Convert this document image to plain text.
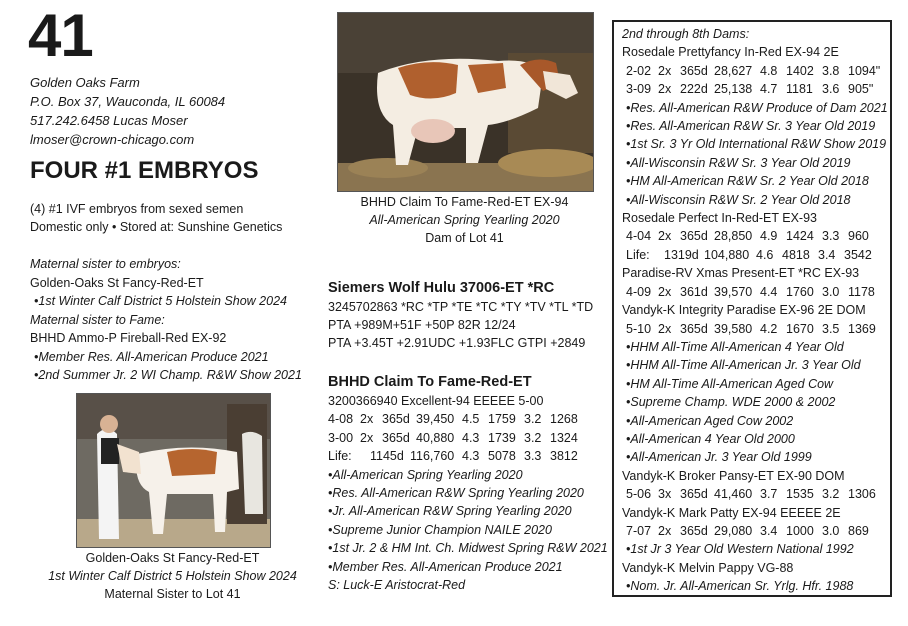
41
Golden Oaks Farm
P.O. Box 37, Wauconda, IL 60084
517.242.6458 Lucas Moser
lmoser@crown-chicago.com
FOUR #1 EMBRYOS
(4) #1 IVF embryos from sexed semen
Domestic only • Stored at: Sunshine Genetics
Maternal sister to embryos:
Golden-Oaks St Fancy-Red-ET
•1st Winter Calf District 5 Holstein Show 2024
Maternal sister to Fame:
BHHD Ammo-P Fireball-Red EX-92
•Member Res. All-American Produce 2021
•2nd Summer Jr. 2 WI Champ. R&W Show 2021
BHHD Claim To Fame-Red-ET EX-94
All-American Spring Yearling 2020
Dam of Lot 41
Golden-Oaks St Fancy-Red-ET
1st Winter Calf District 5 Holstein Show 2024
Maternal Sister to Lot 41
Siemers Wolf Hulu 37006-ET *RC
3245702863 *RC *TP *TE *TC *TY *TV *TL *TD
PTA +989M+51F +50P 82R 12/24
PTA +3.45T +2.91UDC +1.93FLC GTPI +2849
BHHD Claim To Fame-Red-ET
3200366940 Excellent-94 EEEEE 5-00
4-08 2x 365d 39,450 4.5 1759 3.2 1268
3-00 2x 365d 40,880 4.3 1739 3.2 1324
Life:	1145d 116,760 4.3 5078 3.3 3812
•All-American Spring Yearling 2020
•Res. All-American R&W Spring Yearling 2020
•Jr. All-American R&W Spring Yearling 2020
•Supreme Junior Champion NAILE 2020
•1st Jr. 2 & HM Int. Ch. Midwest Spring R&W 2021
•Member Res. All-American Produce 2021
S: Luck-E Aristocrat-Red
2nd through 8th Dams:
Rosedale Prettyfancy In-Red EX-94 2E
2-02 2x 365d 28,627 4.8 1402 3.8 1094"
3-09 2x 222d 25,138 4.7 1181 3.6 905"
•Res. All-American R&W Produce of Dam 2021
•Res. All-American R&W Sr. 3 Year Old 2019
•1st Sr. 3 Yr Old International R&W Show 2019
•All-Wisconsin R&W Sr. 3 Year Old 2019
•HM All-American R&W Sr. 2 Year Old 2018
•All-Wisconsin R&W Sr. 2 Year Old 2018
Rosedale Perfect In-Red-ET EX-93
4-04 2x 365d 28,850 4.9 1424 3.3 960
Life:	1319d 104,880 4.6 4818 3.4 3542
Paradise-RV Xmas Present-ET *RC EX-93
4-09 2x 361d 39,570 4.4 1760 3.0 1178
Vandyk-K Integrity Paradise EX-96 2E DOM
5-10 2x 365d 39,580 4.2 1670 3.5 1369
•HHM All-Time All-American 4 Year Old
•HHM All-Time All-American Jr. 3 Year Old
•HM All-Time All-American Aged Cow
•Supreme Champ. WDE 2000 & 2002
•All-American Aged Cow 2002
•All-American 4 Year Old 2000
•All-American Jr. 3 Year Old 1999
Vandyk-K Broker Pansy-ET EX-90 DOM
5-06 3x 365d 41,460 3.7 1535 3.2 1306
Vandyk-K Mark Patty EX-94 EEEEE 2E
7-07 2x 365d 29,080 3.4 1000 3.0 869
•1st Jr 3 Year Old Western National 1992
Vandyk-K Melvin Pappy VG-88
•Nom. Jr. All-American Sr. Yrlg. Hfr. 1988
